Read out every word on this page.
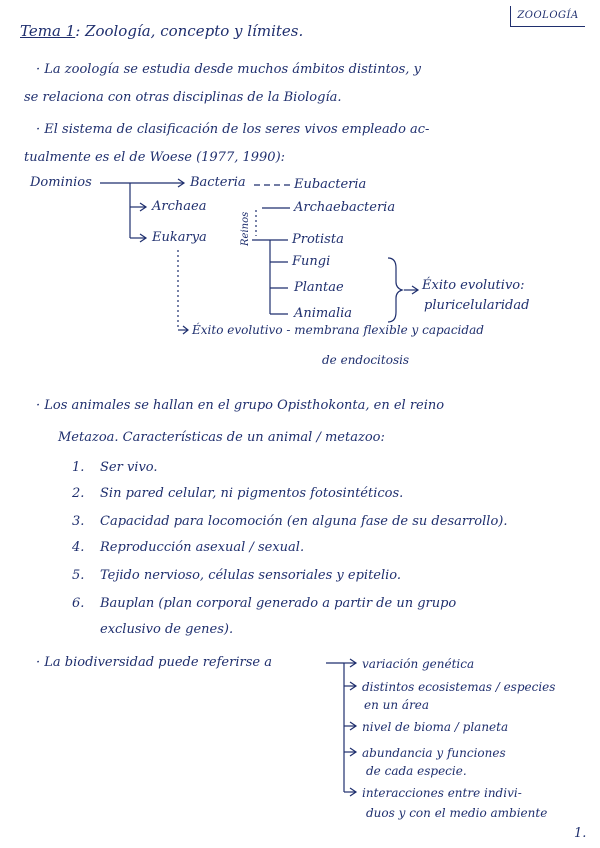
ZOOLOGÍA
Tema 1: Zoología, concepto y límites.
· La zoología se estudia desde muchos ámbitos distintos, y
se relaciona con otras disciplinas de la Biología.
· El sistema de clasificación de los seres vivos empleado ac-
tualmente es el de Woese (1977, 1990):
Dominios	Bacteria	Eubacteria
Archaea	Archaebacteria
Eukarya	Reinos	Protista
Fungi
Plantae
Animalia
Éxito evolutivo:
pluricelularidad
Éxito evolutivo - membrana flexible y capacidad
de endocitosis
· Los animales se hallan en el grupo Opisthokonta, en el reino
Metazoa. Características de un animal / metazoo:
1. Ser vivo.
2. Sin pared celular, ni pigmentos fotosintéticos.
3. Capacidad para locomoción (en alguna fase de su desarrollo).
4. Reproducción asexual / sexual.
5. Tejido nervioso, células sensoriales y epitelio.
6. Bauplan (plan corporal generado a partir de un grupo
exclusivo de genes).
· La biodiversidad puede referirse a	variación genética
distintos ecosistemas / especies
en un área
nivel de bioma / planeta
abundancia y funciones
de cada especie.
interacciones entre indivi-
duos y con el medio ambiente
1.
